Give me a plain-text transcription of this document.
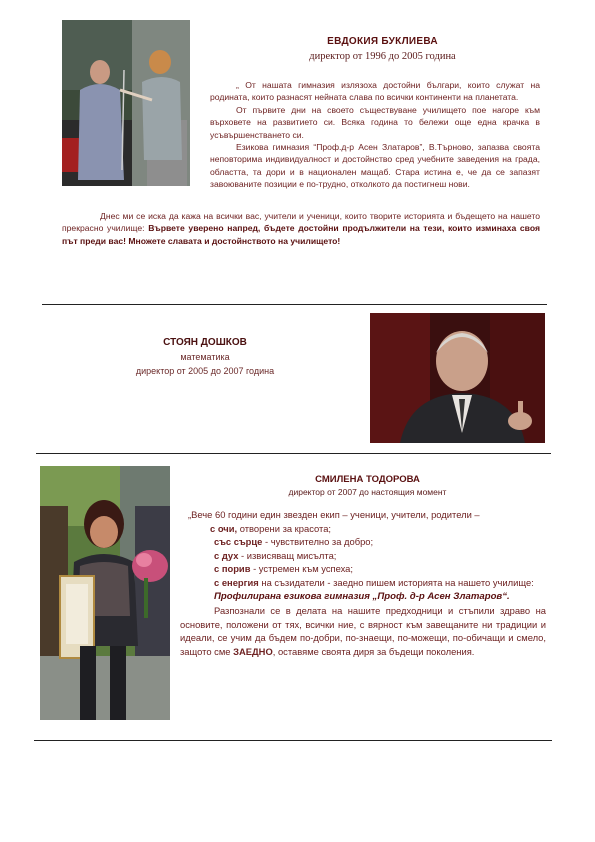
ЕВДОКИЯ БУКЛИЕВА
директор от 1996 до 2005 година

„ От нашата гимназия излязоха достойни българи, които служат на родината, които разнасят нейната слава по всички континенти на планетата.

От първите дни на своето съществуване училището пое нагоре към върховете на развитието си. Всяка година то бележи още една крачка в усъвършенстването си.

Езикова гимназия “Проф.д-р Асен Златаров”, В.Търново, запазва своята неповторима индивидуалност и достойнство сред учебните заведения на града, областта, та дори и в национален мащаб. Стара истина е, че да се запазят завоюваните позиции е по-трудно, отколкото да постигнеш нови.

Днес ми се иска да кажа на всички вас, учители и ученици, които творите историята и бъдещето на нашето прекрасно училище: Вървете уверено напред, бъдете достойни продължители на тези, които изминаха своя път преди вас! Множете славата и достойнството на училището!

СТОЯН ДОШКОВ
математика
директор от 2005 до 2007 година
СМИЛЕНА ТОДОРОВА
директор от 2007 до настоящия момент

„Вече 60 години един звезден екип – ученици, учители, родители –

с очи, отворени за красота;

със сърце - чувствително за добро;

с дух - извисяващ мисълта;

с порив - устремен към успеха;

с енергия на съзидатели - заедно пишем историята на нашето училище:

Профилирана езикова гимназия „Проф. д-р Асен Златаров“.

Разпознали се в делата на нашите предходници и стъпили здраво на основите, положени от тях, всички ние, с вярност към завещаните ни традиции и идеали, се учим да бъдем по-добри, по-знаещи, по-можещи, по-обичащи и смело, защото сме ЗАЕДНО, оставяме своята диря за бъдещи поколения.
